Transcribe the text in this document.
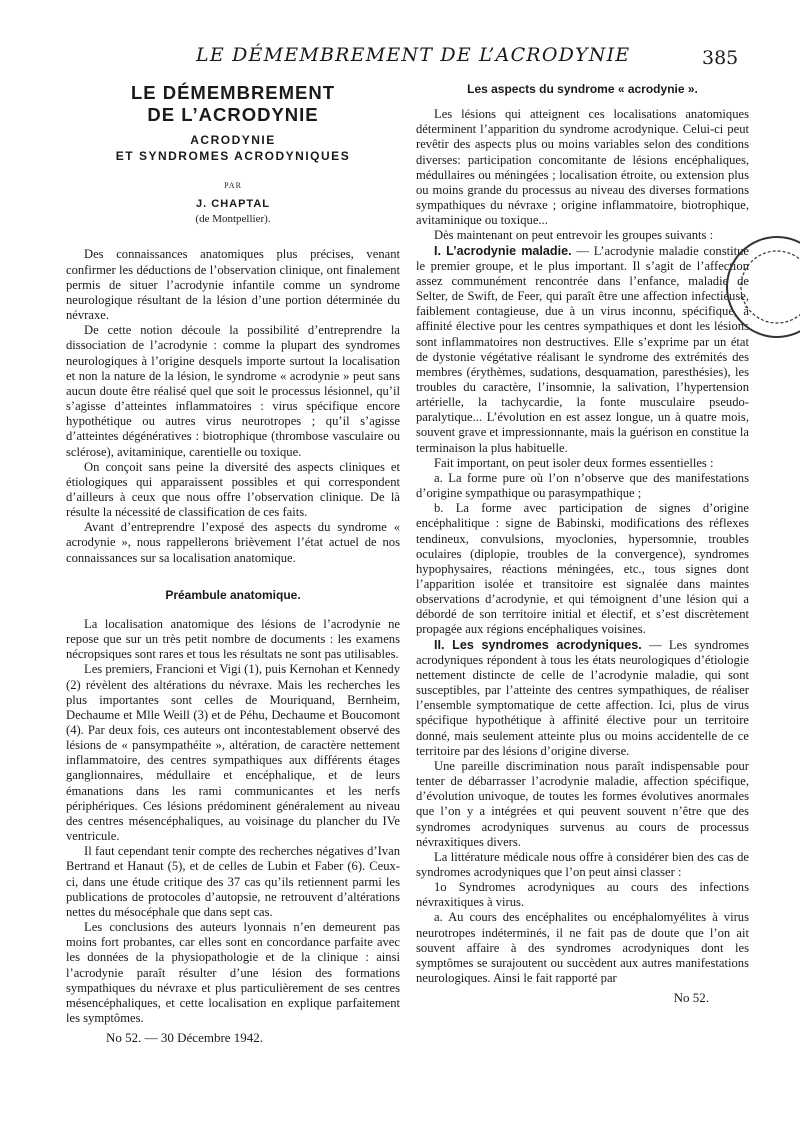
LE DÉMEMBREMENT DE L’ACRODYNIE	385
LE DÉMEMBREMENT
DE L’ACRODYNIE
ACRODYNIE
ET SYNDROMES ACRODYNIQUES
PAR
J. CHAPTAL
(de Montpellier).

Des connaissances anatomiques plus précises, venant confirmer les déductions de l’observation clinique, ont finalement permis de situer l’acrodynie infantile comme un syndrome neurologique résultant de la lésion d’une portion déterminée du névraxe.

De cette notion découle la possibilité d’entreprendre la dissociation de l’acrodynie : comme la plupart des syndromes neurologiques à l’origine desquels importe surtout la localisation et non la nature de la lésion, le syndrome « acrodynie » peut sans aucun doute être réalisé quel que soit le processus lésionnel, qu’il s’agisse d’atteintes inflammatoires : virus spécifique encore hypothétique ou autres virus neurotropes ; qu’il s’agisse d’atteintes dégénératives : biotrophique (thrombose vasculaire ou sclérose), avitaminique, carentielle ou toxique.

On conçoit sans peine la diversité des aspects cliniques et étiologiques qui apparaissent possibles et qui correspondent d’ailleurs à ceux que nous offre l’observation clinique. De là résulte la nécessité de classification de ces faits.

Avant d’entreprendre l’exposé des aspects du syndrome « acrodynie », nous rappellerons brièvement l’état actuel de nos connaissances sur sa localisation anatomique.

Préambule anatomique.

La localisation anatomique des lésions de l’acrodynie ne repose que sur un très petit nombre de documents : les examens nécropsiques sont rares et tous les résultats ne sont pas utilisables.

Les premiers, Francioni et Vigi (1), puis Kernohan et Kennedy (2) révèlent des altérations du névraxe. Mais les recherches les plus importantes sont celles de Mouriquand, Bernheim, Dechaume et Mlle Weill (3) et de Péhu, Dechaume et Boucomont (4). Par deux fois, ces auteurs ont incontestablement observé des lésions de « pansympathéite », altération, de caractère nettement inflammatoire, des centres sympathiques aux différents étages ganglionnaires, médullaire et encéphalique, et de leurs émanations dans les rami communicantes et les nerfs périphériques. Ces lésions prédominent généralement au niveau des centres mésencéphaliques, au voisinage du plancher du IVe ventricule.

Il faut cependant tenir compte des recherches négatives d’Ivan Bertrand et Hanaut (5), et de celles de Lubin et Faber (6). Ceux-ci, dans une étude critique des 37 cas qu’ils retiennent parmi les publications de protocoles d’autopsie, ne retrouvent d’altérations nettes du mésocéphale que dans sept cas.

Les conclusions des auteurs lyonnais n’en demeurent pas moins fort probantes, car elles sont en concordance parfaite avec les données de la physiopathologie et de la clinique : ainsi l’acrodynie paraît résulter d’une lésion des formations sympathiques du névraxe et plus particulièrement de ses centres mésencéphaliques, et cette localisation en explique parfaitement les symptômes.

No 52. — 30 Décembre 1942.
Les aspects du syndrome « acrodynie ».

Les lésions qui atteignent ces localisations anatomiques déterminent l’apparition du syndrome acrodynique. Celui-ci peut revêtir des aspects plus ou moins variables selon des conditions diverses: participation concomitante de lésions encéphaliques, médullaires ou méningées ; localisation étroite, ou extension plus ou moins grande du processus au niveau des diverses formations sympathiques du névraxe ; origine inflammatoire, biotrophique, avitaminique ou toxique...

Dès maintenant on peut entrevoir les groupes suivants :

I. L’acrodynie maladie. — L’acrodynie maladie constitue le premier groupe, et le plus important. Il s’agit de l’affection assez communément rencontrée dans l’enfance, maladie de Selter, de Swift, de Feer, qui paraît être une affection infectieuse, faiblement contagieuse, due à un virus inconnu, spécifique, à affinité élective pour les centres sympathiques et dont les lésions sont inflammatoires non destructives. Elle s’exprime par un état de dystonie végétative réalisant le syndrome des extrémités des membres (érythèmes, sudations, desquamation, paresthésies), les troubles du caractère, l’insomnie, la salivation, l’hypertension artérielle, la tachycardie, la fonte musculaire pseudo-paralytique... L’évolution en est assez longue, un à quatre mois, souvent grave et impressionnante, mais la guérison en constitue la terminaison la plus habituelle.

Fait important, on peut isoler deux formes essentielles :

a. La forme pure où l’on n’observe que des manifestations d’origine sympathique ou parasympathique ;

b. La forme avec participation de signes d’origine encéphalitique : signe de Babinski, modifications des réflexes tendineux, convulsions, myoclonies, hypersomnie, troubles oculaires (diplopie, troubles de la convergence), syndromes hypophysaires, réactions méningées, etc., tous signes dont l’apparition isolée et transitoire est signalée dans maintes observations d’acrodynie, et qui témoignent d’une lésion qui a débordé de son territoire initial et électif, et s’est discrètement propagée aux régions encéphaliques voisines.

II. Les syndromes acrodyniques. — Les syndromes acrodyniques répondent à tous les états neurologiques d’étiologie nettement distincte de celle de l’acrodynie maladie, qui sont susceptibles, par l’atteinte des centres sympathiques, de réaliser l’ensemble symptomatique de cette affection. Ici, plus de virus spécifique hypothétique à affinité élective pour un territoire donné, mais seulement atteinte plus ou moins accidentelle de ce territoire par des lésions d’origine diverse.

Une pareille discrimination nous paraît indispensable pour tenter de débarrasser l’acrodynie maladie, affection spécifique, d’évolution univoque, de toutes les formes évolutives anormales que l’on y a intégrées et qui peuvent souvent n’être que des syndromes acrodyniques survenus au cours de processus névraxitiques divers.

La littérature médicale nous offre à considérer bien des cas de syndromes acrodyniques que l’on peut ainsi classer :

1o Syndromes acrodyniques au cours des infections névraxitiques à virus.

a. Au cours des encéphalites ou encéphalomyélites à virus neurotropes indéterminés, il ne fait pas de doute que l’on ait souvent affaire à des syndromes acrodyniques dont les symptômes se surajoutent ou succèdent aux autres manifestations neurologiques. Ainsi le fait rapporté par

No 52.
